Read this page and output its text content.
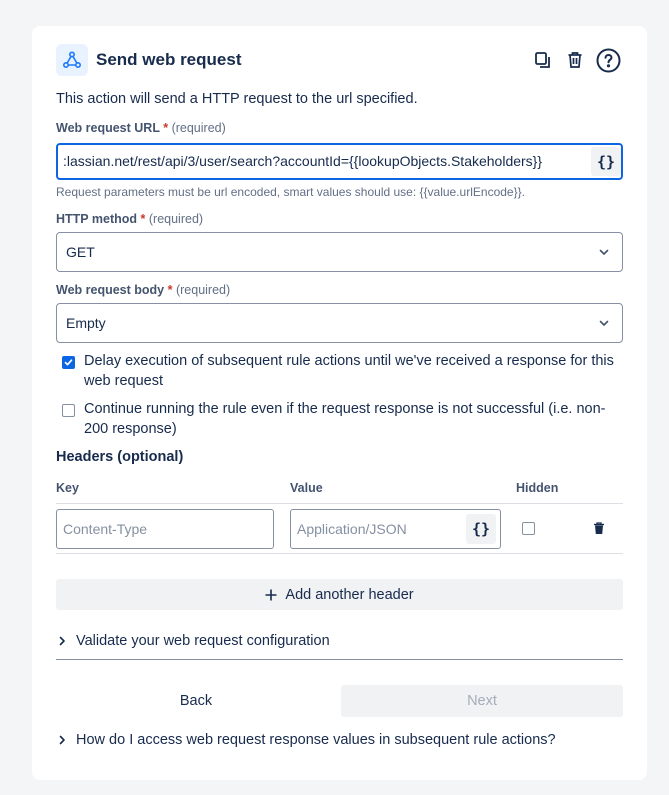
Send web request
This action will send a HTTP request to the url specified.
Web request URL * (required)
:lassian.net/rest/api/3/user/search?accountId={{lookupObjects.Stakeholders}}	{}
Request parameters must be url encoded, smart values should use: {{value.urlEncode}}.
HTTP method * (required)
GET
Web request body * (required)
Empty
Delay execution of subsequent rule actions until we've received a response for this web request
Continue running the rule even if the request response is not successful (i.e. non-200 response)
Headers (optional)
Key	Value	Hidden
Content-Type	Application/JSON	{}
Add another header
Validate your web request configuration
Back	Next
How do I access web request response values in subsequent rule actions?
